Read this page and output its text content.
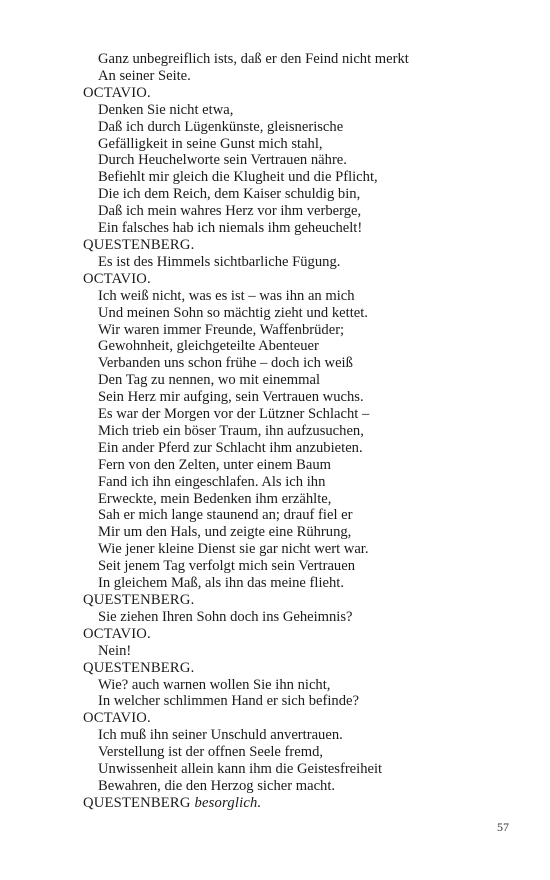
Ganz unbegreiflich ists, daß er den Feind nicht merkt
An seiner Seite.
OCTAVIO.
Denken Sie nicht etwa,
Daß ich durch Lügenkünste, gleisnerische
Gefälligkeit in seine Gunst mich stahl,
Durch Heuchelworte sein Vertrauen nähre.
Befiehlt mir gleich die Klugheit und die Pflicht,
Die ich dem Reich, dem Kaiser schuldig bin,
Daß ich mein wahres Herz vor ihm verberge,
Ein falsches hab ich niemals ihm geheuchelt!
QUESTENBERG.
Es ist des Himmels sichtbarliche Fügung.
OCTAVIO.
Ich weiß nicht, was es ist – was ihn an mich
Und meinen Sohn so mächtig zieht und kettet.
Wir waren immer Freunde, Waffenbrüder;
Gewohnheit, gleichgeteilte Abenteuer
Verbanden uns schon frühe – doch ich weiß
Den Tag zu nennen, wo mit einemmal
Sein Herz mir aufging, sein Vertrauen wuchs.
Es war der Morgen vor der Lützner Schlacht –
Mich trieb ein böser Traum, ihn aufzusuchen,
Ein ander Pferd zur Schlacht ihm anzubieten.
Fern von den Zelten, unter einem Baum
Fand ich ihn eingeschlafen. Als ich ihn
Erweckte, mein Bedenken ihm erzählte,
Sah er mich lange staunend an; drauf fiel er
Mir um den Hals, und zeigte eine Rührung,
Wie jener kleine Dienst sie gar nicht wert war.
Seit jenem Tag verfolgt mich sein Vertrauen
In gleichem Maß, als ihn das meine flieht.
QUESTENBERG.
Sie ziehen Ihren Sohn doch ins Geheimnis?
OCTAVIO.
Nein!
QUESTENBERG.
Wie? auch warnen wollen Sie ihn nicht,
In welcher schlimmen Hand er sich befinde?
OCTAVIO.
Ich muß ihn seiner Unschuld anvertrauen.
Verstellung ist der offnen Seele fremd,
Unwissenheit allein kann ihm die Geistesfreiheit
Bewahren, die den Herzog sicher macht.
QUESTENBERG besorglich.
57
